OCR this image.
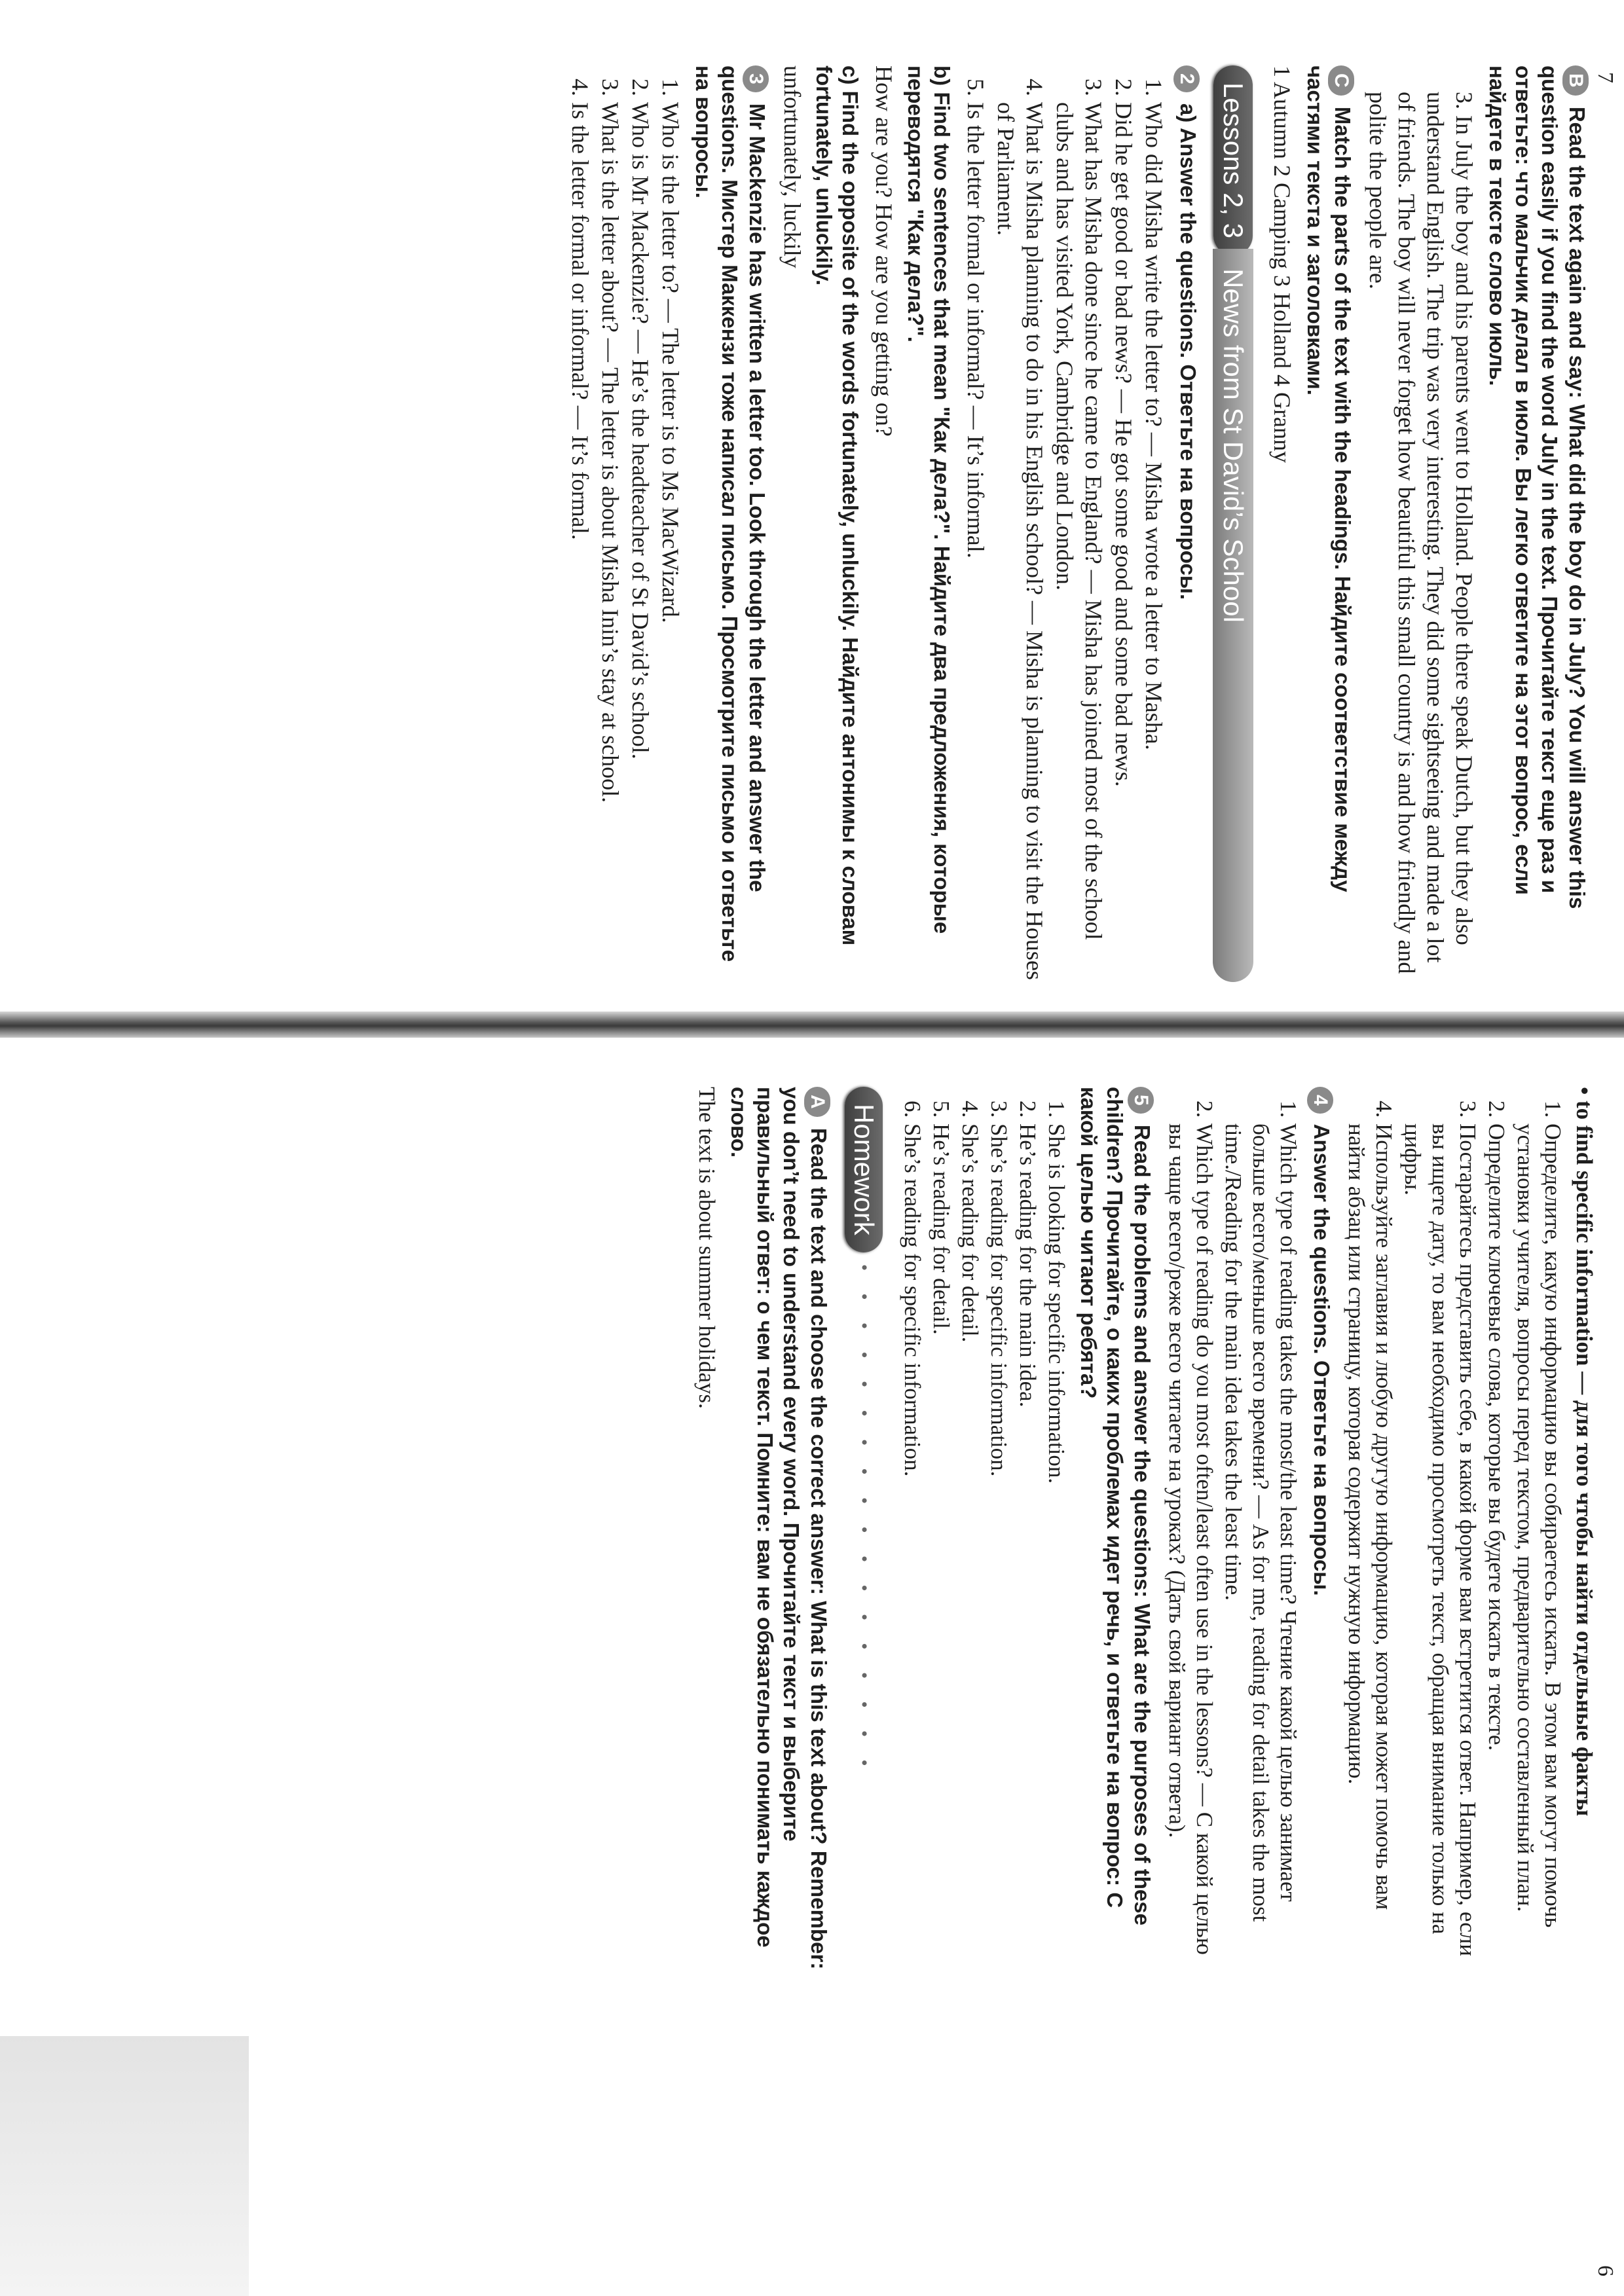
B Read the text again and say: What did the boy do in July? You will answer this question easily if you find the word July in the text. Прочитайте текст еще раз и ответьте: что мальчик делал в июле. Вы легко ответите на этот вопрос, если найдете в тексте слово июль.
3. In July the boy and his parents went to Holland. People there speak Dutch, but they also understand English. The trip was very interesting. They did some sightseeing and made a lot of friends. The boy will never forget how beautiful this small country is and how friendly and polite the people are.
C Match the parts of the text with the headings. Найдите соответствие между частями текста и заголовками.

1 Autumn 2 Camping 3 Holland 4 Granny

Lessons 2, 3
News from St David’s School
2 a) Answer the questions. Ответьте на вопросы.
1. Who did Misha write the letter to? — Misha wrote a letter to Masha.
2. Did he get good or bad news? — He got some good and some bad news.
3. What has Misha done since he came to England? — Misha has joined most of the school clubs and has visited York, Cambridge and London.
4. What is Misha planning to do in his English school? — Misha is planning to visit the Houses of Parliament.
5. Is the letter formal or informal? — It’s informal.
b) Find two sentences that mean "Как дела?". Найдите два предложения, которые переводятся "Как дела?".

How are you? How are you getting on?

c) Find the opposite of the words fortunately, unluckily. Найдите антонимы к словам fortunately, unluckily.

unfortunately, luckily

3 Mr Mackenzie has written a letter too. Look through the letter and answer the questions. Мистер Маккензи тоже написал письмо. Просмотрите письмо и ответьте на вопросы.
1. Who is the letter to? — The letter is to Ms MacWizard.
2. Who is Mr Mackenzie? — He’s the headteacher of St David’s school.
3. What is the letter about? — The letter is about Misha Inin’s stay at school.
4. Is the letter formal or informal? — It’s formal.

• to find specific information — для того чтобы найти отдельные факты

1. Определите, какую информацию вы собираетесь искать. В этом вам могут помочь установки учителя, вопросы перед текстом, предварительно составленный план.
2. Определите ключевые слова, которые вы будете искать в тексте.
3. Постарайтесь представить себе, в какой форме вам встретится ответ. Например, если вы ищете дату, то вам необходимо просмотреть текст, обращая внимание только на цифры.
4. Используйте заглавия и любую другую информацию, которая может помочь вам найти абзац или страницу, которая содержит нужную информацию.
4 Answer the questions. Ответьте на вопросы.
1. Which type of reading takes the most/the least time? Чтение какой целью занимает больше всего/меньше всего времени? — As for me, reading for detail takes the most time./Reading for the main idea takes the least time.
2. Which type of reading do you most often/least often use in the lessons? — С какой целью вы чаще всего/реже всего читаете на уроках? (Дать свой вариант ответа).
5 Read the problems and answer the questions: What are the purposes of these children? Прочитайте, о каких проблемах идет речь, и ответьте на вопрос: С какой целью читают ребята?
1. She is looking for specific information.
2. He’s reading for the main idea.
3. She’s reading for specific information.
4. She’s reading for detail.
5. He’s reading for detail.
6. She’s reading for specific information.
Homework
••••••••••••••••••
A Read the text and choose the correct answer: What is this text about? Remember: you don’t need to understand every word. Прочитайте текст и выберите правильный ответ: о чем текст. Помните: вам не обязательно понимать каждое слово.

The text is about summer holidays.

6
7
